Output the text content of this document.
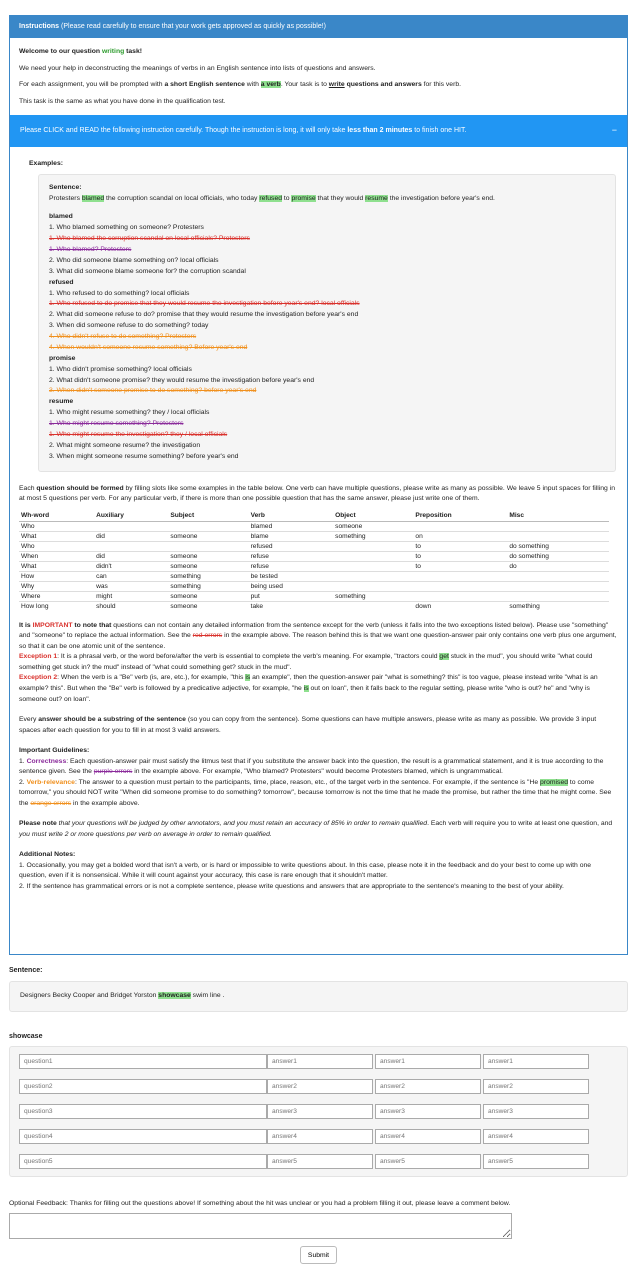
Instructions (Please read carefully to ensure that your work gets approved as quickly as possible!)

Welcome to our question writing task!

We need your help in deconstructing the meanings of verbs in an English sentence into lists of questions and answers.

For each assignment, you will be prompted with a short English sentence with a verb. Your task is to write questions and answers for this verb.

This task is the same as what you have done in the qualification test.

Please CLICK and READ the following instruction carefully. Though the instruction is long, it will only take less than 2 minutes to finish one HIT.	−
Examples:
Sentence:
Protesters blamed the corruption scandal on local officials, who today refused to promise that they would resume the investigation before year's end.
blamed
1. Who blamed something on someone? Protesters
1. Who blamed the corruption scandal on local officials? Protesters
1. Who blamed? Protesters
2. Who did someone blame something on? local officials
3. What did someone blame someone for? the corruption scandal
refused
1. Who refused to do something? local officials
1. Who refused to do promise that they would resume the investigation before year's end? local officials
2. What did someone refuse to do? promise that they would resume the investigation before year's end
3. When did someone refuse to do something? today
4. Who didn't refuse to do something? Protesters
4. When wouldn't someone resume something? Before year's end
promise
1. Who didn't promise something? local officials
2. What didn't someone promise? they would resume the investigation before year's end
3. When didn't someone promise to do something? before year's end
resume
1. Who might resume something? they / local officials
1. Who might resume something? Protesters
1. Who might resume the investigation? they / local officials
2. What might someone resume? the investigation
3. When might someone resume something? before year's end

Each question should be formed by filling slots like some examples in the table below. One verb can have multiple questions, please write as many as possible. We leave 5 input spaces for filling in at most 5 questions per verb. For any particular verb, if there is more than one possible question that has the same answer, please just write one of them.

Wh-word	Auxiliary	Subject	Verb	Object	Preposition	Misc
Who			blamed	someone		
What	did	someone	blame	something	on	
Who			refused		to	do something
When	did	someone	refuse		to	do something
What	didn't	someone	refuse		to	do
How	can	something	be tested			
Why	was	something	being used			
Where	might	someone	put	something		
How long	should	someone	take		down	something

It is IMPORTANT to note that questions can not contain any detailed information from the sentence except for the verb (unless it falls into the two exceptions listed below). Please use "something" and "someone" to replace the actual information. See the red errors in the example above. The reason behind this is that we want one question-answer pair only contains one verb plus one argument, so that it can be one atomic unit of the sentence.
Exception 1: It is a phrasal verb, or the word before/after the verb is essential to complete the verb's meaning. For example, "tractors could get stuck in the mud", you should write "what could something get stuck in? the mud" instead of "what could something get? stuck in the mud".
Exception 2: When the verb is a "Be" verb (is, are, etc.), for example, "this is an example", then the question-answer pair "what is something? this" is too vague, please instead write "what is an example? this". But when the "Be" verb is followed by a predicative adjective, for example, "he is out on loan", then it falls back to the regular setting, please write "who is out? he" and "why is someone out? on loan".

Every answer should be a substring of the sentence (so you can copy from the sentence). Some questions can have multiple answers, please write as many as possible. We provide 3 input spaces after each question for you to fill in at most 3 valid answers.

Important Guidelines:
1. Correctness: Each question-answer pair must satisfy the litmus test that if you substitute the answer back into the question, the result is a grammatical statement, and it is true according to the sentence given. See the purple errors in the example above. For example, "Who blamed? Protesters" would become Protesters blamed, which is ungrammatical.
2. Verb-relevance: The answer to a question must pertain to the participants, time, place, reason, etc., of the target verb in the sentence. For example, if the sentence is "He promised to come tomorrow," you should NOT write "When did someone promise to do something? tomorrow", because tomorrow is not the time that he made the promise, but rather the time that he might come. See the orange errors in the example above.

Please note that your questions will be judged by other annotators, and you must retain an accuracy of 85% in order to remain qualified. Each verb will require you to write at least one question, and you must write 2 or more questions per verb on average in order to remain qualified.

Additional Notes:
1. Occasionally, you may get a bolded word that isn't a verb, or is hard or impossible to write questions about. In this case, please note it in the feedback and do your best to come up with one question, even if it is nonsensical. While it will count against your accuracy, this case is rare enough that it shouldn't matter.
2. If the sentence has grammatical errors or is not a complete sentence, please write questions and answers that are appropriate to the sentence's meaning to the best of your ability.

Sentence:
Designers Becky Cooper and Bridget Yorston showcase swim line .
showcase
question1
answer1
answer1
answer1
question2
answer2
answer2
answer2
question3
answer3
answer3
answer3
question4
answer4
answer4
answer4
question5
answer5
answer5
answer5
Optional Feedback: Thanks for filling out the questions above! If something about the hit was unclear or you had a problem filling it out, please leave a comment below.
Submit
